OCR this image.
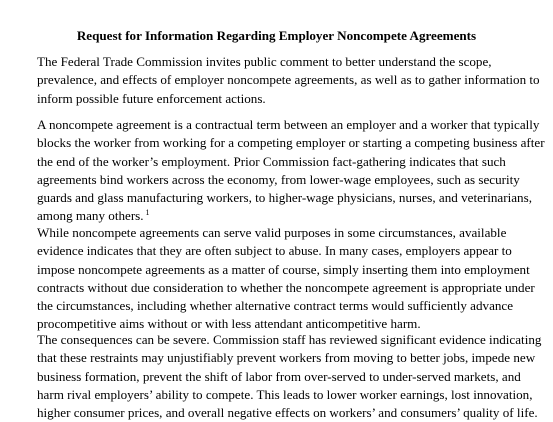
Request for Information Regarding Employer Noncompete Agreements
The Federal Trade Commission invites public comment to better understand the scope,
prevalence, and effects of employer noncompete agreements, as well as to gather information to
inform possible future enforcement actions.
A noncompete agreement is a contractual term between an employer and a worker that typically
blocks the worker from working for a competing employer or starting a competing business after
the end of the worker’s employment. Prior Commission fact-gathering indicates that such
agreements bind workers across the economy, from lower-wage employees, such as security
guards and glass manufacturing workers, to higher-wage physicians, nurses, and veterinarians,
among many others. $^1$
While noncompete agreements can serve valid purposes in some circumstances, available
evidence indicates that they are often subject to abuse. In many cases, employers appear to
impose noncompete agreements as a matter of course, simply inserting them into employment
contracts without due consideration to whether the noncompete agreement is appropriate under
the circumstances, including whether alternative contract terms would sufficiently advance
procompetitive aims without or with less attendant anticompetitive harm.
The consequences can be severe. Commission staff has reviewed significant evidence indicating
that these restraints may unjustifiably prevent workers from moving to better jobs, impede new
business formation, prevent the shift of labor from over-served to under-served markets, and
harm rival employers’ ability to compete. This leads to lower worker earnings, lost innovation,
higher consumer prices, and overall negative effects on workers’ and consumers’ quality of life.
